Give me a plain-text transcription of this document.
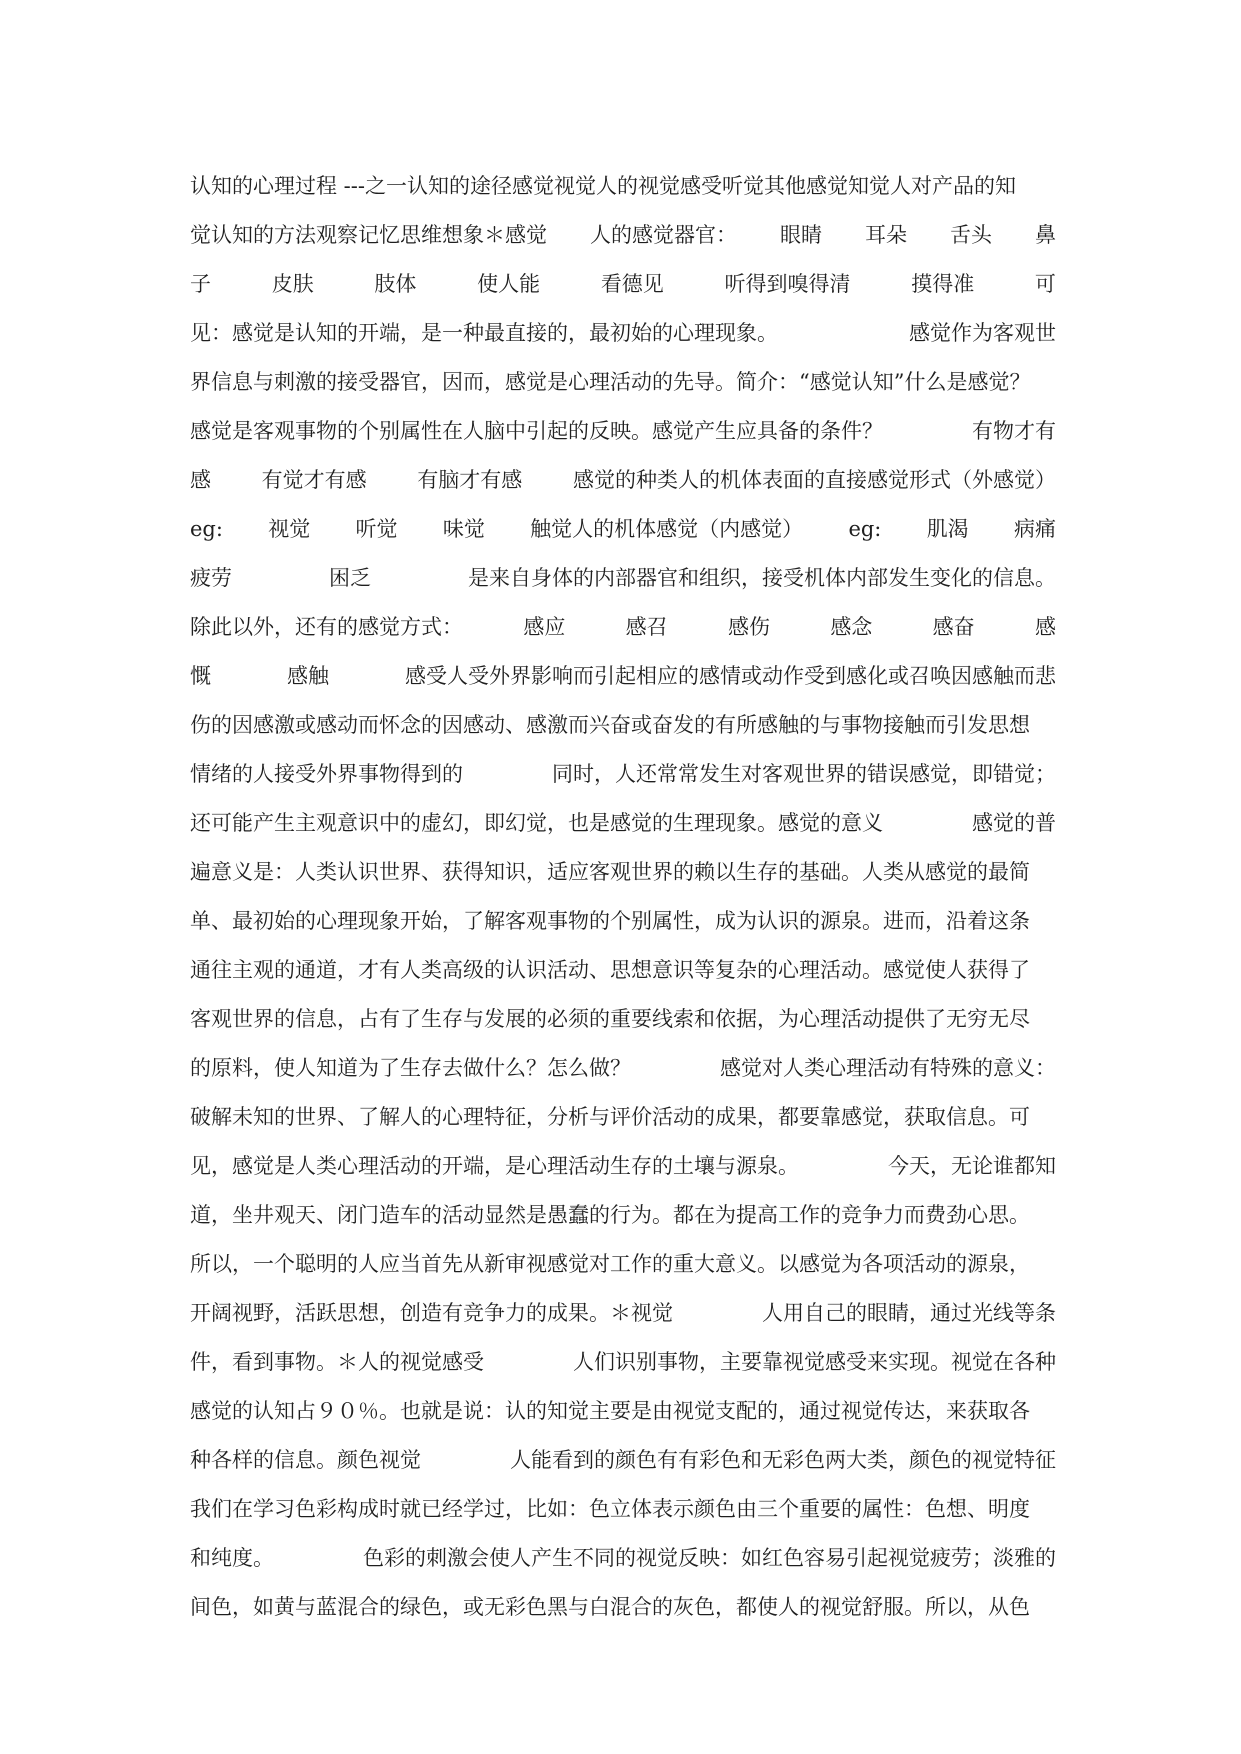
认知的心理过程 ---之一认知的途径感觉视觉人的视觉感受听觉其他感觉知觉人对产品的知
觉认知的方法观察记忆思维想象＊感觉 人的感觉器官： 眼睛 耳朵 舌头 鼻
子	皮肤	肢体	使人能	看德见	听得到嗅得清	摸得准	可
见：感觉是认知的开端，是一种最直接的，最初始的心理现象。	感觉作为客观世
界信息与刺激的接受器官，因而，感觉是心理活动的先导。简介：“感觉认知”什么是感觉？
感觉是客观事物的个别属性在人脑中引起的反映。感觉产生应具备的条件？	有物才有
感 有觉才有感 有脑才有感 感觉的种类人的机体表面的直接感觉形式（外感觉）
eg: 视觉 听觉 味觉 触觉人的机体感觉（内感觉） eg: 肌渴 病痛
疲劳	困乏	是来自身体的内部器官和组织，接受机体内部发生变化的信息。
除此以外，还有的感觉方式：	感应	感召	感伤	感念	感奋	感
慨	感触	感受人受外界影响而引起相应的感情或动作受到感化或召唤因感触而悲
伤的因感激或感动而怀念的因感动、感激而兴奋或奋发的有所感触的与事物接触而引发思想
情绪的人接受外界事物得到的	同时，人还常常发生对客观世界的错误感觉，即错觉；
还可能产生主观意识中的虚幻，即幻觉，也是感觉的生理现象。感觉的意义	感觉的普
遍意义是：人类认识世界、获得知识，适应客观世界的赖以生存的基础。人类从感觉的最简
单、最初始的心理现象开始，了解客观事物的个别属性，成为认识的源泉。进而，沿着这条
通往主观的通道，才有人类高级的认识活动、思想意识等复杂的心理活动。感觉使人获得了
客观世界的信息，占有了生存与发展的必须的重要线索和依据，为心理活动提供了无穷无尽
的原料，使人知道为了生存去做什么？怎么做？	感觉对人类心理活动有特殊的意义：
破解未知的世界、了解人的心理特征，分析与评价活动的成果，都要靠感觉，获取信息。可
见，感觉是人类心理活动的开端，是心理活动生存的土壤与源泉。	今天，无论谁都知
道，坐井观天、闭门造车的活动显然是愚蠢的行为。都在为提高工作的竞争力而费劲心思。
所以，一个聪明的人应当首先从新审视感觉对工作的重大意义。以感觉为各项活动的源泉，
开阔视野，活跃思想，创造有竞争力的成果。＊视觉	人用自己的眼睛，通过光线等条
件，看到事物。＊人的视觉感受	人们识别事物，主要靠视觉感受来实现。视觉在各种
感觉的认知占９０％。也就是说：认的知觉主要是由视觉支配的，通过视觉传达，来获取各
种各样的信息。颜色视觉	人能看到的颜色有有彩色和无彩色两大类，颜色的视觉特征
我们在学习色彩构成时就已经学过，比如：色立体表示颜色由三个重要的属性：色想、明度
和纯度。	色彩的刺激会使人产生不同的视觉反映：如红色容易引起视觉疲劳；淡雅的
间色，如黄与蓝混合的绿色，或无彩色黑与白混合的灰色，都使人的视觉舒服。所以，从色
